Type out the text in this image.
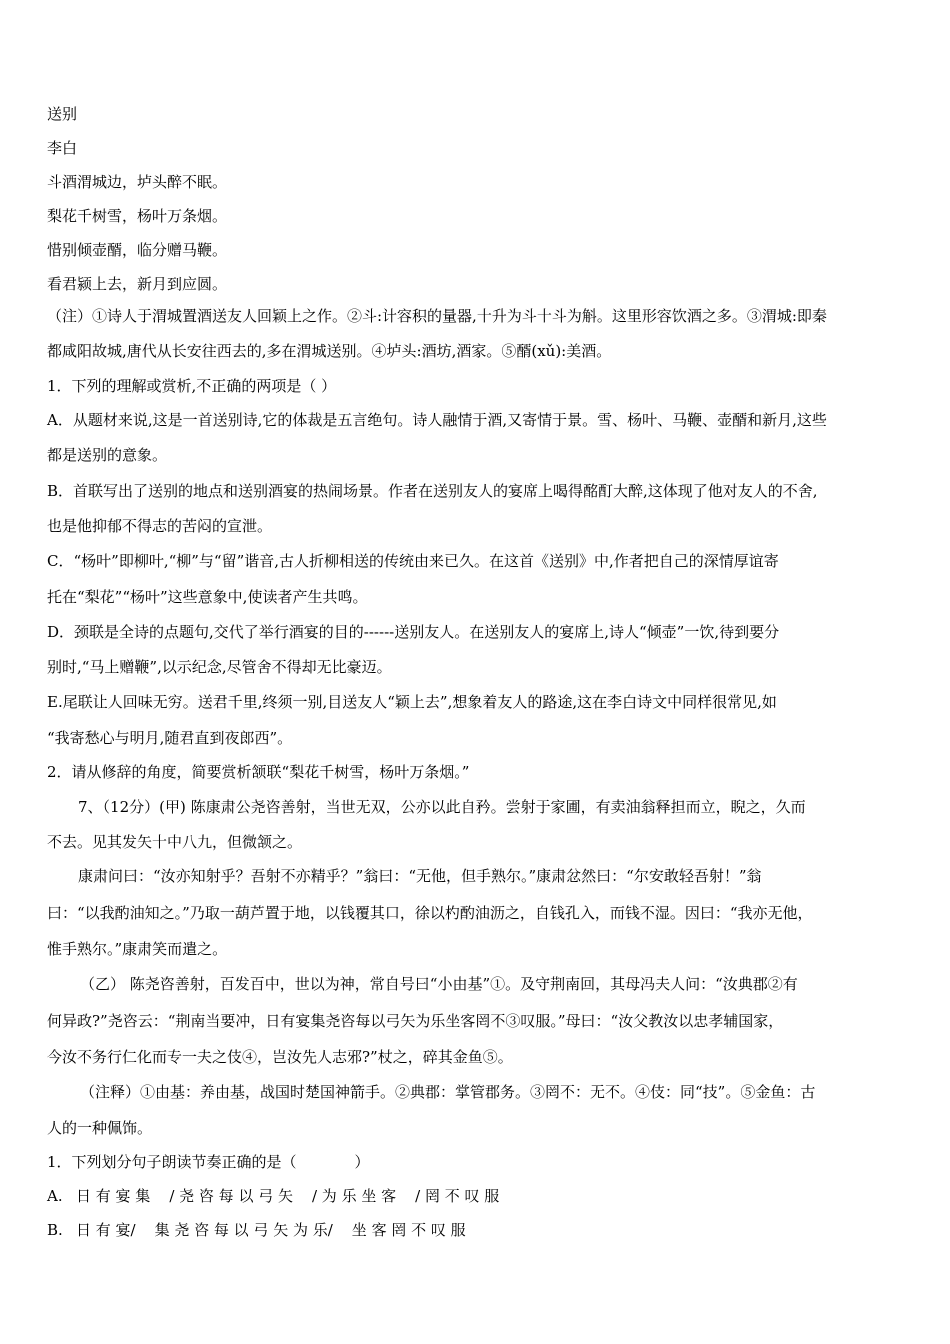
送别
李白
斗酒渭城边，垆头醉不眠。
梨花千树雪，杨叶万条烟。
惜别倾壶醑，临分赠马鞭。
看君颍上去，新月到应圆。
（注）①诗人于渭城置酒送友人回颖上之作。②斗:计容积的量器,十升为斗十斗为斛。这里形容饮酒之多。③渭城:即秦
都咸阳故城,唐代从长安往西去的,多在渭城送别。④垆头:酒坊,酒家。⑤醑(xǔ):美酒。
1．下列的理解或赏析,不正确的两项是（ ）
A．从题材来说,这是一首送别诗,它的体裁是五言绝句。诗人融情于酒,又寄情于景。雪、杨叶、马鞭、壶醑和新月,这些
都是送别的意象。
B．首联写出了送别的地点和送别酒宴的热闹场景。作者在送别友人的宴席上喝得酩酊大醉,这体现了他对友人的不舍,
也是他抑郁不得志的苦闷的宣泄。
C．“杨叶”即柳叶,“柳”与“留”谐音,古人折柳相送的传统由来已久。在这首《送别》中,作者把自己的深情厚谊寄
托在“梨花”“杨叶”这些意象中,使读者产生共鸣。
D．颈联是全诗的点题句,交代了举行酒宴的目的------送别友人。在送别友人的宴席上,诗人“倾壶”一饮,待到要分
别时,“马上赠鞭”,以示纪念,尽管舍不得却无比豪迈。
E.尾联让人回味无穷。送君千里,终须一别,目送友人“颖上去”,想象着友人的路途,这在李白诗文中同样很常见,如
“我寄愁心与明月,随君直到夜郎西”。
2．请从修辞的角度，简要赏析颔联“梨花千树雪，杨叶万条烟。”
7、（12分）(甲) 陈康肃公尧咨善射，当世无双，公亦以此自矜。尝射于家圃，有卖油翁释担而立，睨之，久而
不去。见其发矢十中八九，但微颔之。
康肃问曰：“汝亦知射乎？吾射不亦精乎？”翁曰：“无他，但手熟尔。”康肃忿然曰：“尔安敢轻吾射！”翁
曰：“以我酌油知之。”乃取一葫芦置于地，以钱覆其口，徐以杓酌油沥之，自钱孔入，而钱不湿。因曰：“我亦无他，
惟手熟尔。”康肃笑而遣之。
（乙） 陈尧咨善射，百发百中，世以为神，常自号曰“小由基”①。及守荆南回，其母冯夫人问：“汝典郡②有
何异政?”尧咨云：“荆南当要冲，日有宴集尧咨每以弓矢为乐坐客罔不③叹服。”母曰：“汝父教汝以忠孝辅国家，
今汝不务行仁化而专一夫之伎④，岂汝先人志邪?”杖之，碎其金鱼⑤。
（注释）①由基：养由基，战国时楚国神箭手。②典郡：掌管郡务。③罔不：无不。④伎：同“技”。⑤金鱼：古
人的一种佩饰。
1．下列划分句子朗读节奏正确的是（	）
A. 日 有 宴 集 / 尧 咨 每 以 弓 矢 / 为 乐 坐 客 / 罔 不 叹 服
B. 日 有 宴/ 集 尧 咨 每 以 弓 矢 为 乐/ 坐 客 罔 不 叹 服
